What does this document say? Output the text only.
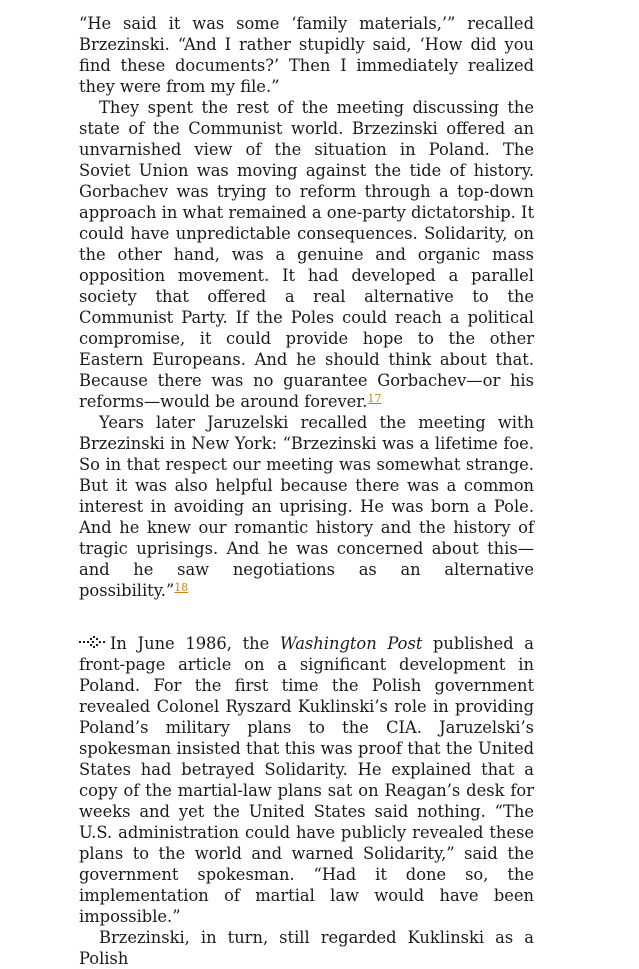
“He said it was some ‘family materials,’” recalled Brzezinski. “And I rather stupidly said, ‘How did you find these documents?’ Then I immediately realized they were from my file.”

They spent the rest of the meeting discussing the state of the Communist world. Brzezinski offered an unvarnished view of the situation in Poland. The Soviet Union was moving against the tide of history. Gorbachev was trying to reform through a top-down approach in what remained a one-party dictatorship. It could have unpredictable consequences. Solidarity, on the other hand, was a genuine and organic mass opposition movement. It had developed a parallel society that offered a real alternative to the Communist Party. If the Poles could reach a political compromise, it could provide hope to the other Eastern Europeans. And he should think about that. Because there was no guarantee Gorbachev—or his reforms—would be around forever.$^{17}$

Years later Jaruzelski recalled the meeting with Brzezinski in New York: “Brzezinski was a lifetime foe. So in that respect our meeting was somewhat strange. But it was also helpful because there was a common interest in avoiding an uprising. He was born a Pole. And he knew our romantic history and the history of tragic uprisings. And he was concerned about this—and he saw negotiations as an alternative possibility.”$^{18}$

In June 1986, the Washington Post published a front-page article on a significant development in Poland. For the first time the Polish government revealed Colonel Ryszard Kuklinski’s role in providing Poland’s military plans to the CIA. Jaruzelski’s spokesman insisted that this was proof that the United States had betrayed Solidarity. He explained that a copy of the martial-law plans sat on Reagan’s desk for weeks and yet the United States said nothing. “The U.S. administration could have publicly revealed these plans to the world and warned Solidarity,” said the government spokesman. “Had it done so, the implementation of martial law would have been impossible.”

Brzezinski, in turn, still regarded Kuklinski as a Polish
